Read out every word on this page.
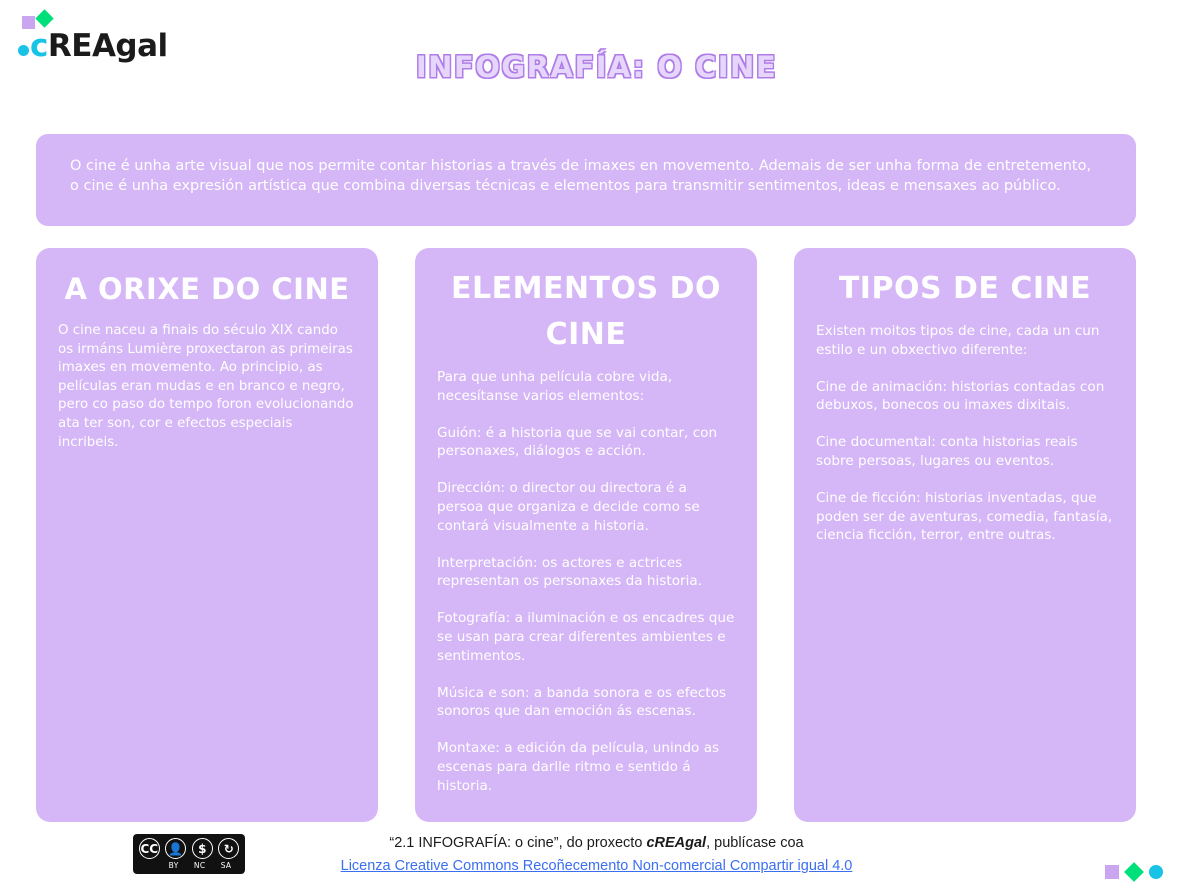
cREAgal
INFOGRAFÍA: O CINE
O cine é unha arte visual que nos permite contar historias a través de imaxes en movemento. Ademais de ser unha forma de entretemento, o cine é unha expresión artística que combina diversas técnicas e elementos para transmitir sentimentos, ideas e mensaxes ao público.
A ORIXE DO CINE

O cine naceu a finais do século XIX cando os irmáns Lumière proxectaron as primeiras imaxes en movemento. Ao principio, as películas eran mudas e en branco e negro, pero co paso do tempo foron evolucionando ata ter son, cor e efectos especiais incribeis.

ELEMENTOS DO CINE

Para que unha película cobre vida, necesítanse varios elementos:

Guión: é a historia que se vai contar, con personaxes, diálogos e acción.

Dirección: o director ou directora é a persoa que organiza e decide como se contará visualmente a historia.

Interpretación: os actores e actrices representan os personaxes da historia.

Fotografía: a iluminación e os encadres que se usan para crear diferentes ambientes e sentimentos.

Música e son: a banda sonora e os efectos sonoros que dan emoción ás escenas.

Montaxe: a edición da película, unindo as escenas para darlle ritmo e sentido á historia.

TIPOS DE CINE

Existen moitos tipos de cine, cada un cun estilo e un obxectivo diferente:

Cine de animación: historias contadas con debuxos, bonecos ou imaxes dixitais.

Cine documental: conta historias reais sobre persoas, lugares ou eventos.

Cine de ficción: historias inventadas, que poden ser de aventuras, comedia, fantasía, ciencia ficción, terror, entre outras.

CC 👤	$	↻
BY NC SA
“2.1 INFOGRAFÍA: o cine”, do proxecto cREAgal, publícase coa
Licenza Creative Commons Recoñecemento Non-comercial Compartir igual 4.0
